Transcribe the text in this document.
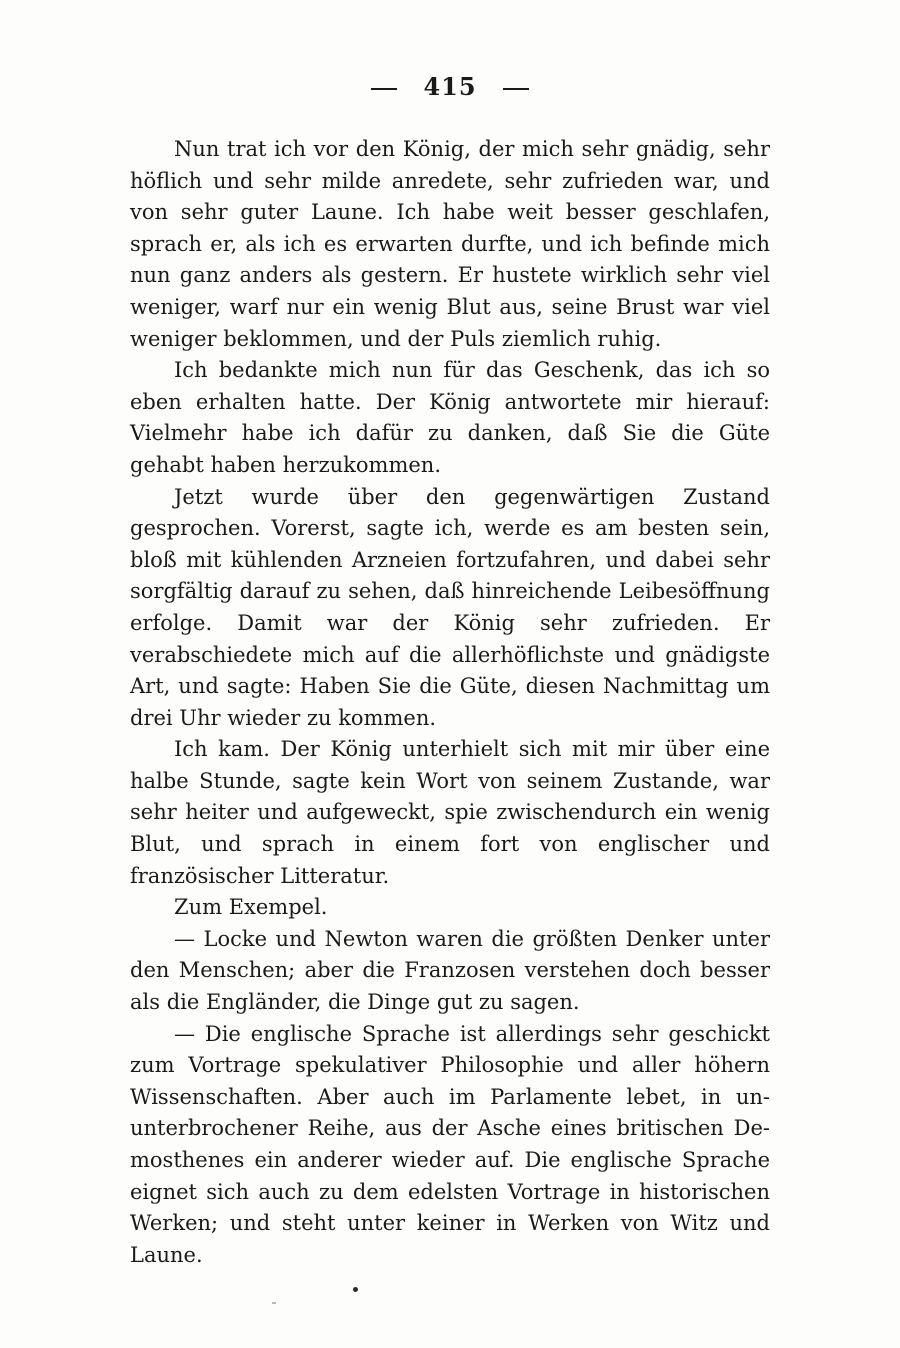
415

Nun trat ich vor den König, der mich sehr gnädig, sehr höflich und sehr milde anredete, sehr zufrieden war, und von sehr guter Laune. Ich habe weit besser geschlafen, sprach er, als ich es erwarten durfte, und ich befinde mich nun ganz anders als gestern. Er hustete wirklich sehr viel weniger, warf nur ein wenig Blut aus, seine Brust war viel weniger beklommen, und der Puls ziemlich ruhig.

Ich bedankte mich nun für das Geschenk, das ich so eben erhalten hatte. Der König antwortete mir hierauf: Vielmehr habe ich dafür zu danken, daß Sie die Güte gehabt haben herzukommen.

Jetzt wurde über den gegenwärtigen Zustand gesprochen. Vorerst, sagte ich, werde es am besten sein, bloß mit kühlenden Arzneien fortzufahren, und dabei sehr sorgfältig darauf zu sehen, daß hinreichende Leibesöffnung erfolge. Damit war der König sehr zufrieden. Er verabschiedete mich auf die allerhöflichste und gnädigste Art, und sagte: Haben Sie die Güte, diesen Nachmittag um drei Uhr wieder zu kommen.

Ich kam. Der König unterhielt sich mit mir über eine halbe Stunde, sagte kein Wort von seinem Zustande, war sehr heiter und aufgeweckt, spie zwischendurch ein wenig Blut, und sprach in einem fort von englischer und französischer Litteratur.

Zum Exempel.

— Locke und Newton waren die größten Denker unter den Menschen; aber die Franzosen verstehen doch besser als die Engländer, die Dinge gut zu sagen.

— Die englische Sprache ist allerdings sehr geschickt zum Vortrage spekulativer Philosophie und aller höhern Wissenschaften. Aber auch im Parlamente lebet, in ununterbrochener Reihe, aus der Asche eines britischen Demosthenes ein anderer wieder auf. Die englische Sprache eignet sich auch zu dem edelsten Vortrage in historischen Werken; und steht unter keiner in Werken von Witz und Laune.
